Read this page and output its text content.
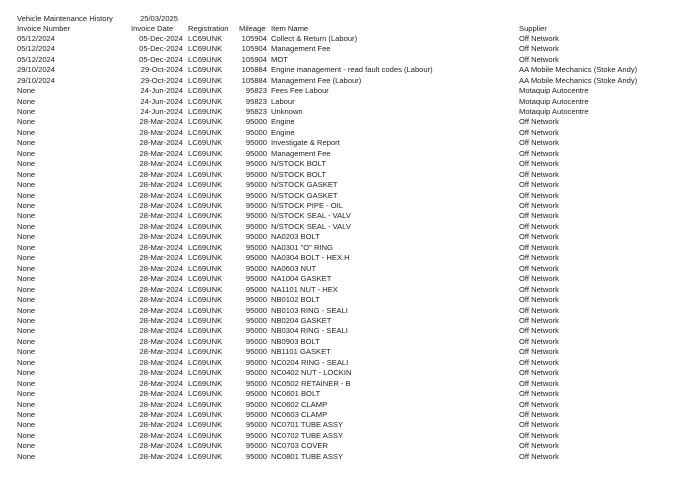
Vehicle Maintenance History	25/03/2025
Invoice Number	Invoice Date Registration Mileage Item Name	Supplier
05/12/2024	05-Dec-2024 LC69UNK	105904 Collect & Return (Labour)	Off Network
05/12/2024	05-Dec-2024 LC69UNK	105904 Management Fee	Off Network
05/12/2024	05-Dec-2024 LC69UNK	105904 MOT	Off Network
29/10/2024	29-Oct-2024 LC69UNK	105884 Engine management - read fault codes (Labour)	AA Mobile Mechanics (Stoke Andy)
29/10/2024	29-Oct-2024 LC69UNK	105884 Management Fee (Labour)	AA Mobile Mechanics (Stoke Andy)
None	24-Jun-2024 LC69UNK	95823 Fees Fee Labour	Motaquip Autocentre
None	24-Jun-2024 LC69UNK	95823 Labour	Motaquip Autocentre
None	24-Jun-2024 LC69UNK	95823 Unknown	Motaquip Autocentre
None	28-Mar-2024 LC69UNK	95000 Engine	Off Network
None	28-Mar-2024 LC69UNK	95000 Engine	Off Network
None	28-Mar-2024 LC69UNK	95000 Investigate & Report	Off Network
None	28-Mar-2024 LC69UNK	95000 Management Fee	Off Network
None	28-Mar-2024 LC69UNK	95000 N/STOCK BOLT	Off Network
None	28-Mar-2024 LC69UNK	95000 N/STOCK BOLT	Off Network
None	28-Mar-2024 LC69UNK	95000 N/STOCK GASKET	Off Network
None	28-Mar-2024 LC69UNK	95000 N/STOCK GASKET	Off Network
None	28-Mar-2024 LC69UNK	95000 N/STOCK PIPE - OIL	Off Network
None	28-Mar-2024 LC69UNK	95000 N/STOCK SEAL - VALV	Off Network
None	28-Mar-2024 LC69UNK	95000 N/STOCK SEAL - VALV	Off Network
None	28-Mar-2024 LC69UNK	95000 NA0203 BOLT	Off Network
None	28-Mar-2024 LC69UNK	95000 NA0301 "O" RING	Off Network
None	28-Mar-2024 LC69UNK	95000 NA0304 BOLT - HEX.H	Off Network
None	28-Mar-2024 LC69UNK	95000 NA0603 NUT	Off Network
None	28-Mar-2024 LC69UNK	95000 NA1004 GASKET	Off Network
None	28-Mar-2024 LC69UNK	95000 NA1101 NUT - HEX	Off Network
None	28-Mar-2024 LC69UNK	95000 NB0102 BOLT	Off Network
None	28-Mar-2024 LC69UNK	95000 NB0103 RING - SEALI	Off Network
None	28-Mar-2024 LC69UNK	95000 NB0204 GASKET	Off Network
None	28-Mar-2024 LC69UNK	95000 NB0304 RING - SEALI	Off Network
None	28-Mar-2024 LC69UNK	95000 NB0903 BOLT	Off Network
None	28-Mar-2024 LC69UNK	95000 NB1101 GASKET	Off Network
None	28-Mar-2024 LC69UNK	95000 NC0204 RING - SEALI	Off Network
None	28-Mar-2024 LC69UNK	95000 NC0402 NUT - LOCKIN	Off Network
None	28-Mar-2024 LC69UNK	95000 NC0502 RETAINER - B	Off Network
None	28-Mar-2024 LC69UNK	95000 NC0601 BOLT	Off Network
None	28-Mar-2024 LC69UNK	95000 NC0602 CLAMP	Off Network
None	28-Mar-2024 LC69UNK	95000 NC0603 CLAMP	Off Network
None	28-Mar-2024 LC69UNK	95000 NC0701 TUBE ASSY	Off Network
None	28-Mar-2024 LC69UNK	95000 NC0702 TUBE ASSY	Off Network
None	28-Mar-2024 LC69UNK	95000 NC0703 COVER	Off Network
None	28-Mar-2024 LC69UNK	95000 NC0801 TUBE ASSY	Off Network
